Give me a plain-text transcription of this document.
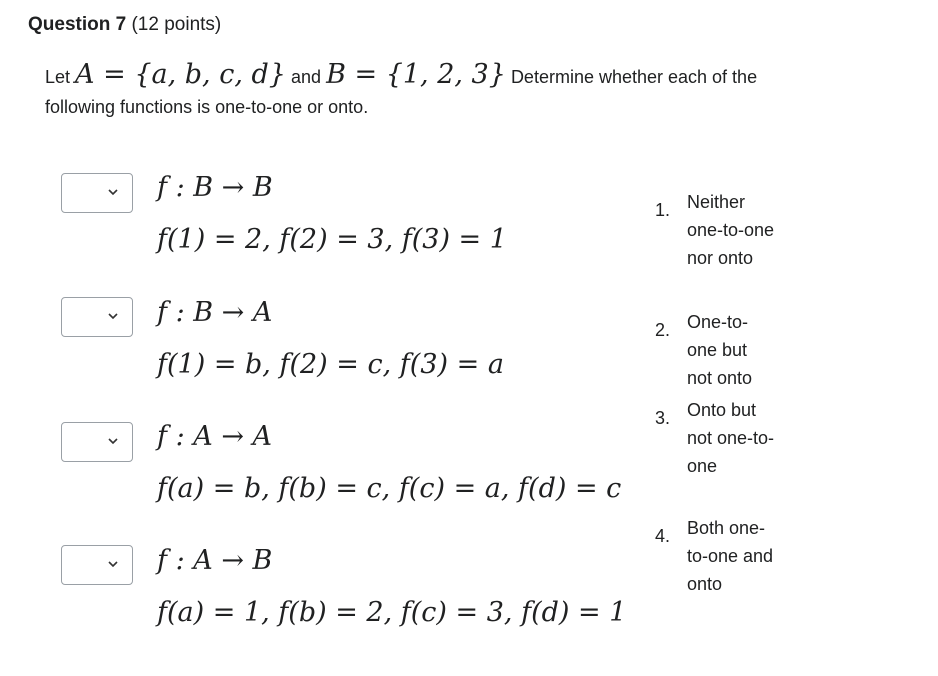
Question 7 (12 points)
Let A = {a, b, c, d} and B = {1, 2, 3} Determine whether each of the following functions is one-to-one or onto.
f : B → B
f(1) = 2, f(2) = 3, f(3) = 1
f : B → A
f(1) = b, f(2) = c, f(3) = a
f : A → A
f(a) = b, f(b) = c, f(c) = a, f(d) = c
f : A → B
f(a) = 1, f(b) = 2, f(c) = 3, f(d) = 1
1. Neither one-to-one nor onto
2. One-to-one but not onto
3. Onto but not one-to-one
4. Both one-to-one and onto
